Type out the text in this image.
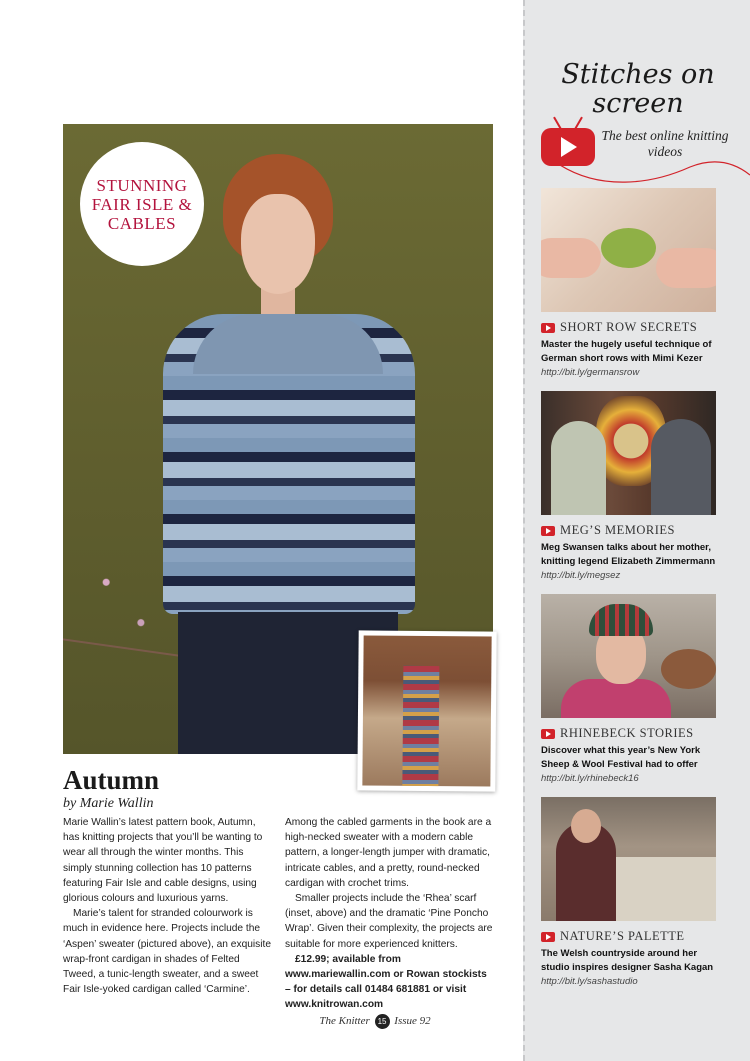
STUNNING FAIR ISLE & CABLES
Autumn
by Marie Wallin

Marie Wallin’s latest pattern book, Autumn, has knitting projects that you’ll be wanting to wear all through the winter months. This simply stunning collection has 10 patterns featuring Fair Isle and cable designs, using glorious colours and luxurious yarns.

Marie’s talent for stranded colourwork is much in evidence here. Projects include the ‘Aspen’ sweater (pictured above), an exquisite wrap-front cardigan in shades of Felted Tweed, a tunic-length sweater, and a sweet Fair Isle-yoked cardigan called ‘Carmine’.

Among the cabled garments in the book are a high-necked sweater with a modern cable pattern, a longer-length jumper with dramatic, intricate cables, and a pretty, round-necked cardigan with crochet trims.

Smaller projects include the ‘Rhea’ scarf (inset, above) and the dramatic ‘Pine Poncho Wrap’. Given their complexity, the projects are suitable for more experienced knitters.

£12.99; available from www.mariewallin.com or Rowan stockists – for details call 01484 681881 or visit www.knitrowan.com

The Knitter 15 Issue 92
Stitches on screen
The best online knitting videos
SHORT ROW SECRETS
Master the hugely useful technique of German short rows with Mimi Kezer
http://bit.ly/germansrow
MEG’S MEMORIES
Meg Swansen talks about her mother, knitting legend Elizabeth Zimmermann
http://bit.ly/megsez
RHINEBECK STORIES
Discover what this year’s New York Sheep & Wool Festival had to offer
http://bit.ly/rhinebeck16
NATURE’S PALETTE
The Welsh countryside around her studio inspires designer Sasha Kagan
http://bit.ly/sashastudio
